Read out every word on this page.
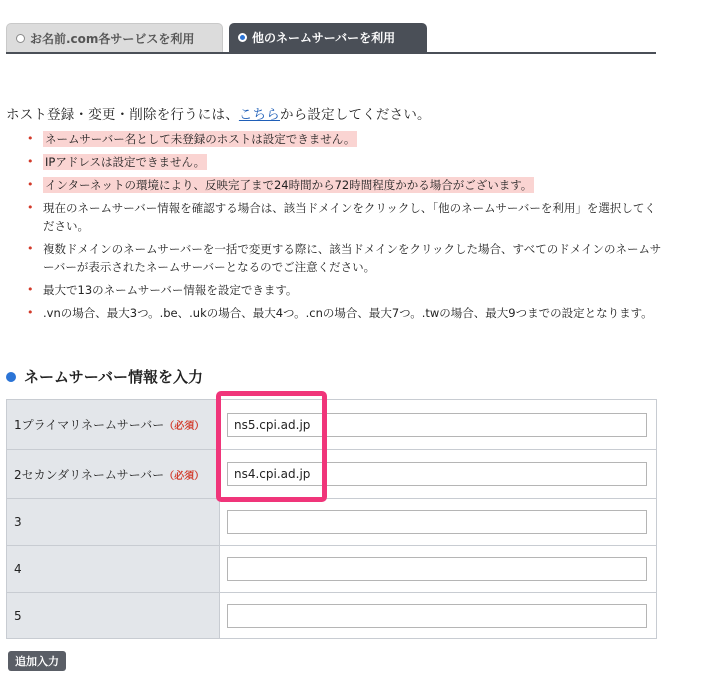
お名前.com各サービスを利用	他のネームサーバーを利用
ホスト登録・変更・削除を行うには、こちらから設定してください。
• ネームサーバー名として未登録のホストは設定できません。
• IPアドレスは設定できません。
• インターネットの環境により、反映完了まで24時間から72時間程度かかる場合がございます。
• 現在のネームサーバー情報を確認する場合は、該当ドメインをクリックし、「他のネームサーバーを利用」を選択してください。
• 複数ドメインのネームサーバーを一括で変更する際に、該当ドメインをクリックした場合、すべてのドメインのネームサーバーが表示されたネームサーバーとなるのでご注意ください。
• 最大で13のネームサーバー情報を設定できます。
• .vnの場合、最大3つ。.be、.ukの場合、最大4つ。.cnの場合、最大7つ。.twの場合、最大9つまでの設定となります。
ネームサーバー情報を入力
1プライマリネームサーバー（必須）	ns5.cpi.ad.jp

2セカンダリネームサーバー（必須）	ns4.cpi.ad.jp

3	

4	

5	
追加入力
